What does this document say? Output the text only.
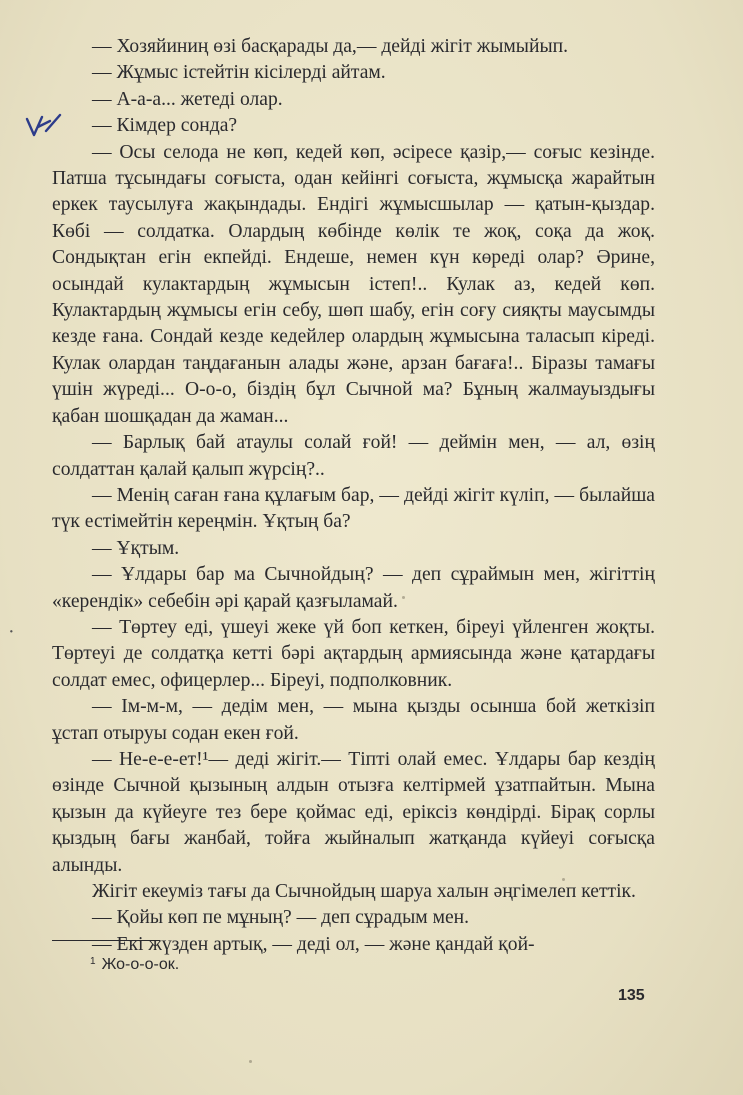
— Хозяйиниң өзі басқарады да,— дейді жігіт жымыйып.

— Жұмыс істейтін кісілерді айтам.

— А-а-а... жетеді олар.

— Кімдер сонда?

— Осы селода не көп, кедей көп, әсіресе қазір,— соғыс кезінде. Патша тұсындағы соғыста, одан кейінгі соғыста, жұмысқа жарайтын еркек таусылуға жақындады. Ендігі жұмысшылар — қатын-қыздар. Көбі — солдатка. Олардың көбінде көлік те жоқ, соқа да жоқ. Сондықтан егін екпейді. Ендеше, немен күн көреді олар? Әрине, осындай кулактардың жұмысын істеп!.. Кулак аз, кедей көп. Кулактардың жұмысы егін себу, шөп шабу, егін соғу сияқты маусымды кезде ғана. Сондай кезде кедейлер олардың жұмысына таласып кіреді. Кулак олардан таңдағанын алады және, арзан бағаға!.. Біразы тамағы үшін жүреді... О-о-о, біздің бұл Сычной ма? Бұның жалмауыздығы қабан шошқадан да жаман...

— Барлық бай атаулы солай ғой! — деймін мен, — ал, өзің солдаттан қалай қалып жүрсің?..

— Менің саған ғана құлағым бар, — дейді жігіт күліп, — былайша түк естімейтін кереңмін. Ұқтың ба?

— Ұқтым.

— Ұлдары бар ма Сычнойдың? — деп сұраймын мен, жігіттің «керендік» себебін әрі қарай қазғыламай.

— Төртеу еді, үшеуі жеке үй боп кеткен, біреуі үйленген жоқты. Төртеуі де солдатқа кетті бәрі ақтардың армиясында және қатардағы солдат емес, офицерлер... Біреуі, подполковник.

— Ім-м-м, — дедім мен, — мына қызды осынша бой жеткізіп ұстап отыруы содан екен ғой.

— Не-е-е-ет!¹— деді жігіт.— Тіпті олай емес. Ұлдары бар кездің өзінде Сычной қызының алдын отызға келтірмей ұзатпайтын. Мына қызын да күйеуге тез бере қоймас еді, еріксіз көндірді. Бірақ сорлы қыздың бағы жанбай, тойға жыйналып жатқанда күйеуі соғысқа алынды.

Жігіт екеуміз тағы да Сычнойдың шаруа халын әңгімелеп кеттік.

— Қойы көп пе мұның? — деп сұрадым мен.

— Екі жүзден артық, — деді ол, — және қандай қой-

·
$^1$ Жо-о-о-ок.
135
